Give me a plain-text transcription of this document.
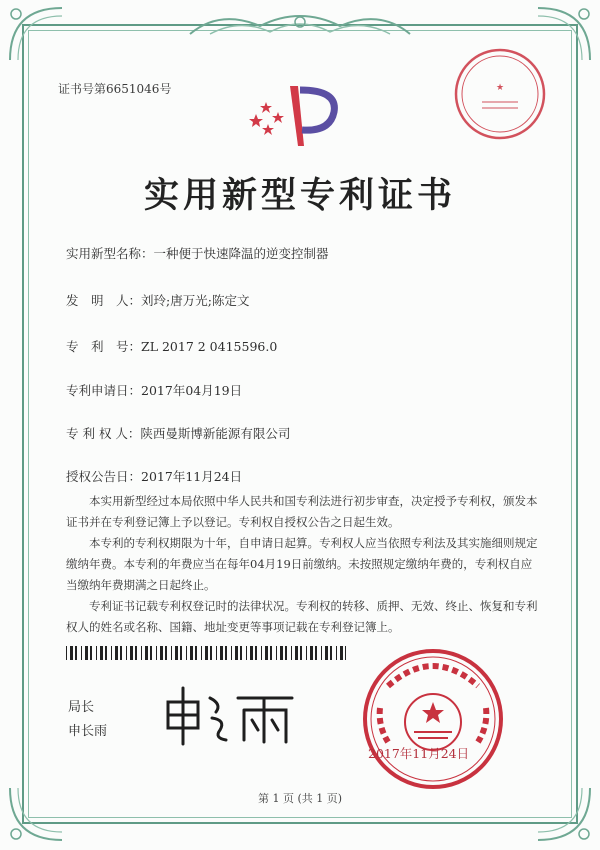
证书号第6651046号	★
实用新型专利证书
实用新型名称：一种便于快速降温的逆变控制器
发　明　人：刘玲;唐万光;陈定文
专　利　号：ZL 2017 2 0415596.0
专利申请日：2017年04月19日
专 利 权 人：陕西曼斯博新能源有限公司
授权公告日：2017年11月24日

本实用新型经过本局依照中华人民共和国专利法进行初步审查，决定授予专利权，颁发本证书并在专利登记簿上予以登记。专利权自授权公告之日起生效。

本专利的专利权期限为十年，自申请日起算。专利权人应当依照专利法及其实施细则规定缴纳年费。本专利的年费应当在每年04月19日前缴纳。未按照规定缴纳年费的，专利权自应当缴纳年费期满之日起终止。

专利证书记载专利权登记时的法律状况。专利权的转移、质押、无效、终止、恢复和专利权人的姓名或名称、国籍、地址变更等事项记载在专利登记簿上。

局长
申长雨
2017年11月24日
第 1 页 (共 1 页)
